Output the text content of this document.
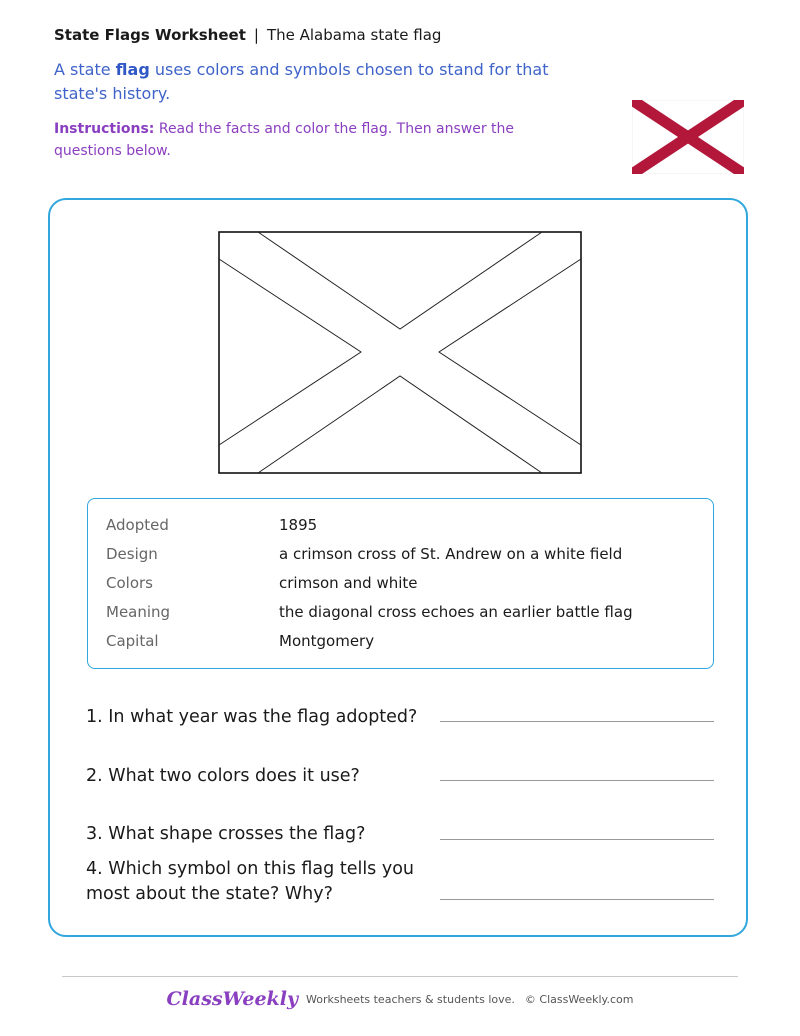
State Flags Worksheet | The Alabama state flag
A state flag uses colors and symbols chosen to stand for that state's history.
Instructions: Read the facts and color the flag. Then answer the questions below.
Adopted	1895
Design	a crimson cross of St. Andrew on a white field
Colors	crimson and white
Meaning	the diagonal cross echoes an earlier battle flag
Capital	Montgomery
1. In what year was the flag adopted?
2. What two colors does it use?
3. What shape crosses the flag?
4. Which symbol on this flag tells you most about the state? Why?
ClassWeekly Worksheets teachers & students love. © ClassWeekly.com
